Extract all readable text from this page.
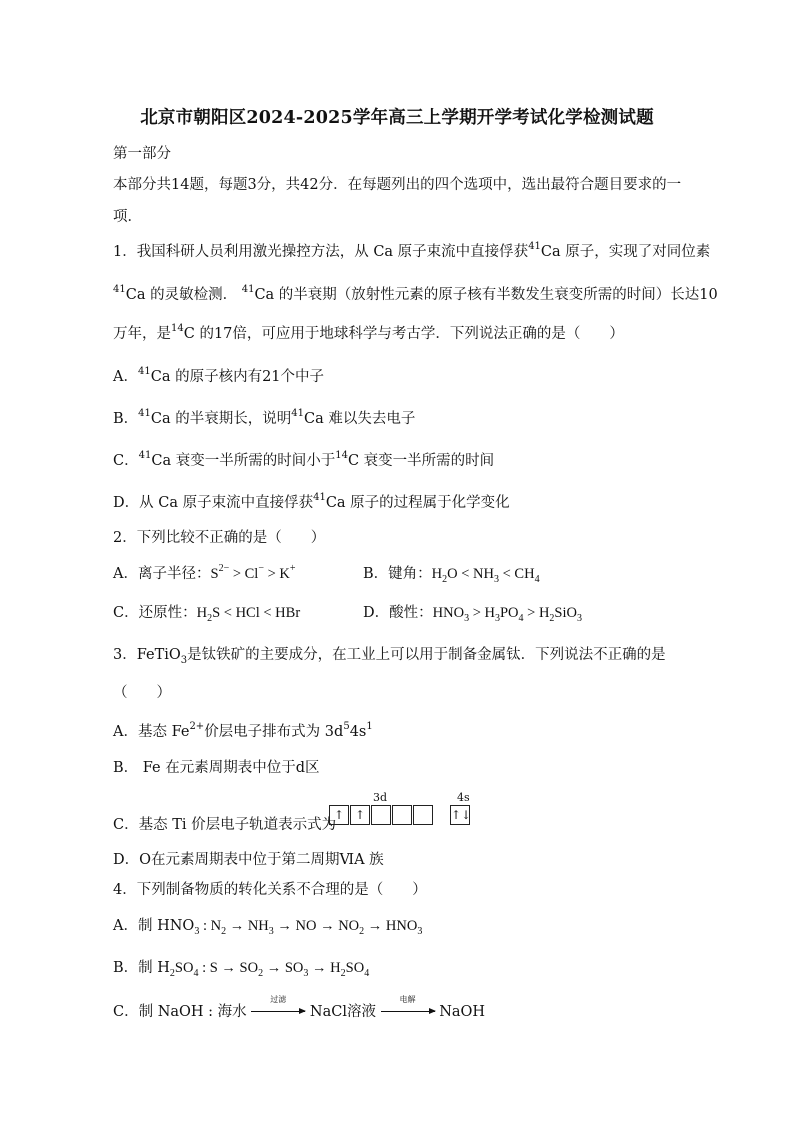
北京市朝阳区2024-2025学年高三上学期开学考试化学检测试题
第一部分
本部分共14题，每题3分，共42分．在每题列出的四个选项中，选出最符合题目要求的一
项．
1．我国科研人员利用激光操控方法，从 Ca 原子束流中直接俘获$^{41}$Ca 原子，实现了对同位素
$^{41}$Ca 的灵敏检测． $^{41}$Ca 的半衰期（放射性元素的原子核有半数发生衰变所需的时间）长达10
万年，是$^{14}$C 的17倍，可应用于地球科学与考古学．下列说法正确的是（　　）
A．$^{41}$Ca 的原子核内有21个中子
B．$^{41}$Ca 的半衰期长，说明$^{41}$Ca 难以失去电子
C．$^{41}$Ca 衰变一半所需的时间小于$^{14}$C 衰变一半所需的时间
D．从 Ca 原子束流中直接俘获$^{41}$Ca 原子的过程属于化学变化
2．下列比较不正确的是（　　）
A．离子半径：$S^{2-} > Cl^- > K^+$	B．键角：$H_2O < NH_3 < CH_4$
C．还原性：$H_2S$ < HCl < HBr	D．酸性：$HNO_3 > H_3PO_4 > H_2SiO_3$
3．FeTiO$_3$是钛铁矿的主要成分，在工业上可以用于制备金属钛．下列说法不正确的是
（　　）
A．基态 $Fe^{2+}$价层电子排布式为 $3d^54s^1$
B． Fe 在元素周期表中位于d区
C．基态 Ti 价层电子轨道表示式为
3d	4s
↑ ↑	↑↓
D．O在元素周期表中位于第二周期ⅥA 族
4．下列制备物质的转化关系不合理的是（　　）
A．制 $HNO_3$ : $N_2 \to NH_3$ → NO → $NO_2 \to HNO_3$
B．制 $H_2SO_4$ : $S \to SO_2 \to SO_3 \to H_2SO_4$
C．制 NaOH : 海水
过滤
NaCl溶液
电解
NaOH
